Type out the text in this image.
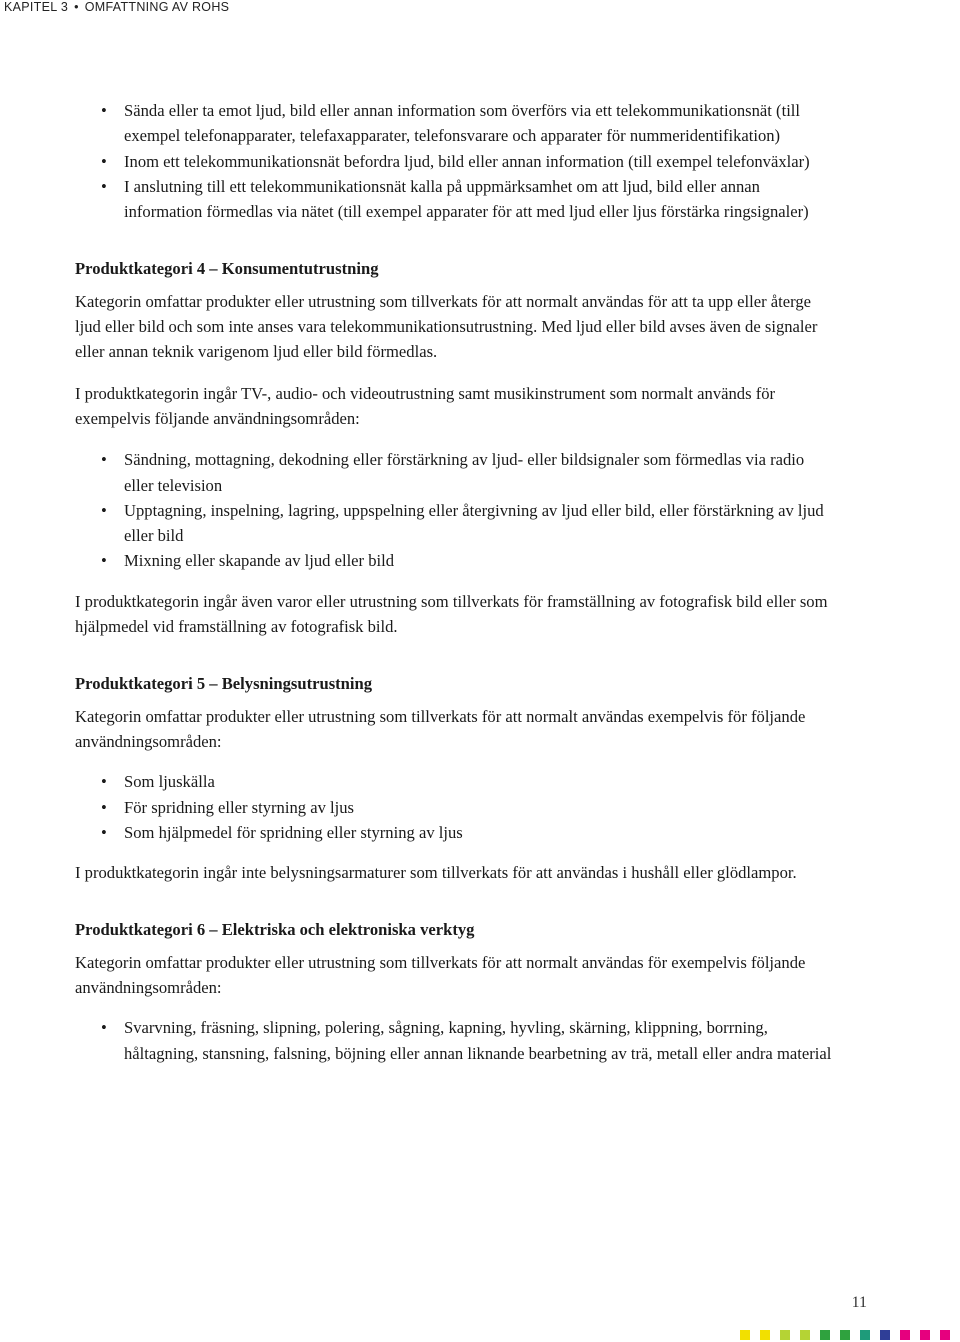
KAPITEL 3 • OMFATTNING AV ROHS
• Sända eller ta emot ljud, bild eller annan information som överförs via ett telekommunikationsnät (till exempel telefonapparater, telefaxapparater, telefonsvarare och apparater för nummeridentifikation)
• Inom ett telekommunikationsnät befordra ljud, bild eller annan information (till exempel telefonväxlar)
• I anslutning till ett telekommunikationsnät kalla på uppmärksamhet om att ljud, bild eller annan information förmedlas via nätet (till exempel apparater för att med ljud eller ljus förstärka ringsignaler)
Produktkategori 4 – Konsumentutrustning

Kategorin omfattar produkter eller utrustning som tillverkats för att normalt användas för att ta upp eller återge ljud eller bild och som inte anses vara telekommunikationsutrustning. Med ljud eller bild avses även de signaler eller annan teknik varigenom ljud eller bild förmedlas.

I produktkategorin ingår TV-, audio- och videoutrustning samt musikinstrument som normalt används för exempelvis följande användningsområden:

• Sändning, mottagning, dekodning eller förstärkning av ljud- eller bildsignaler som förmedlas via radio eller television
• Upptagning, inspelning, lagring, uppspelning eller återgivning av ljud eller bild, eller förstärkning av ljud eller bild
• Mixning eller skapande av ljud eller bild

I produktkategorin ingår även varor eller utrustning som tillverkats för framställning av fotografisk bild eller som hjälpmedel vid framställning av fotografisk bild.

Produktkategori 5 – Belysningsutrustning

Kategorin omfattar produkter eller utrustning som tillverkats för att normalt användas exempelvis för följande användningsområden:

• Som ljuskälla
• För spridning eller styrning av ljus
• Som hjälpmedel för spridning eller styrning av ljus

I produktkategorin ingår inte belysningsarmaturer som tillverkats för att användas i hushåll eller glödlampor.

Produktkategori 6 – Elektriska och elektroniska verktyg

Kategorin omfattar produkter eller utrustning som tillverkats för att normalt användas för exempelvis följande användningsområden:

• Svarvning, fräsning, slipning, polering, sågning, kapning, hyvling, skärning, klippning, borrning, håltagning, stansning, falsning, böjning eller annan liknande bearbetning av trä, metall eller andra material
11
